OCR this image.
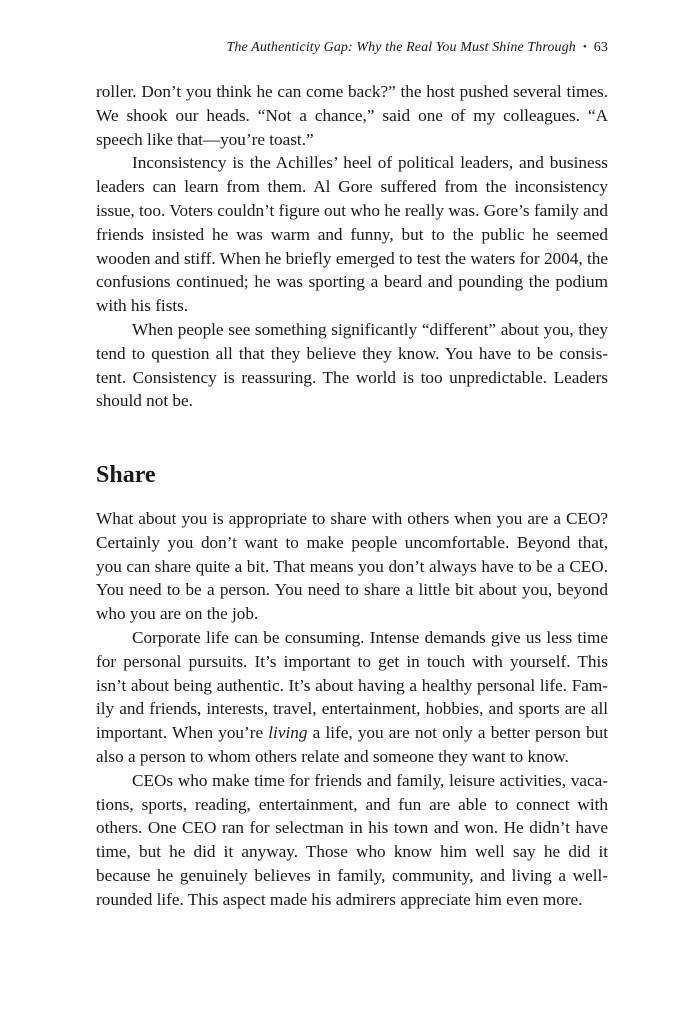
The Authenticity Gap: Why the Real You Must Shine Through • 63

roller. Don’t you think he can come back?” the host pushed several times. We shook our heads. “Not a chance,” said one of my colleagues. “A speech like that—you’re toast.”

Inconsistency is the Achilles’ heel of political leaders, and business leaders can learn from them. Al Gore suffered from the inconsistency issue, too. Voters couldn’t figure out who he really was. Gore’s family and friends insisted he was warm and funny, but to the public he seemed wooden and stiff. When he briefly emerged to test the waters for 2004, the confusions continued; he was sporting a beard and pounding the podium with his fists.

When people see something significantly “different” about you, they tend to question all that they believe they know. You have to be consistent. Consistency is reassuring. The world is too unpredictable. Leaders should not be.

Share

What about you is appropriate to share with others when you are a CEO? Certainly you don’t want to make people uncomfortable. Beyond that, you can share quite a bit. That means you don’t always have to be a CEO. You need to be a person. You need to share a little bit about you, beyond who you are on the job.

Corporate life can be consuming. Intense demands give us less time for personal pursuits. It’s important to get in touch with yourself. This isn’t about being authentic. It’s about having a healthy personal life. Family and friends, interests, travel, entertainment, hobbies, and sports are all important. When you’re living a life, you are not only a better person but also a person to whom others relate and someone they want to know.

CEOs who make time for friends and family, leisure activities, vacations, sports, reading, entertainment, and fun are able to connect with others. One CEO ran for selectman in his town and won. He didn’t have time, but he did it anyway. Those who know him well say he did it because he genuinely believes in family, community, and living a well-rounded life. This aspect made his admirers appreciate him even more.
